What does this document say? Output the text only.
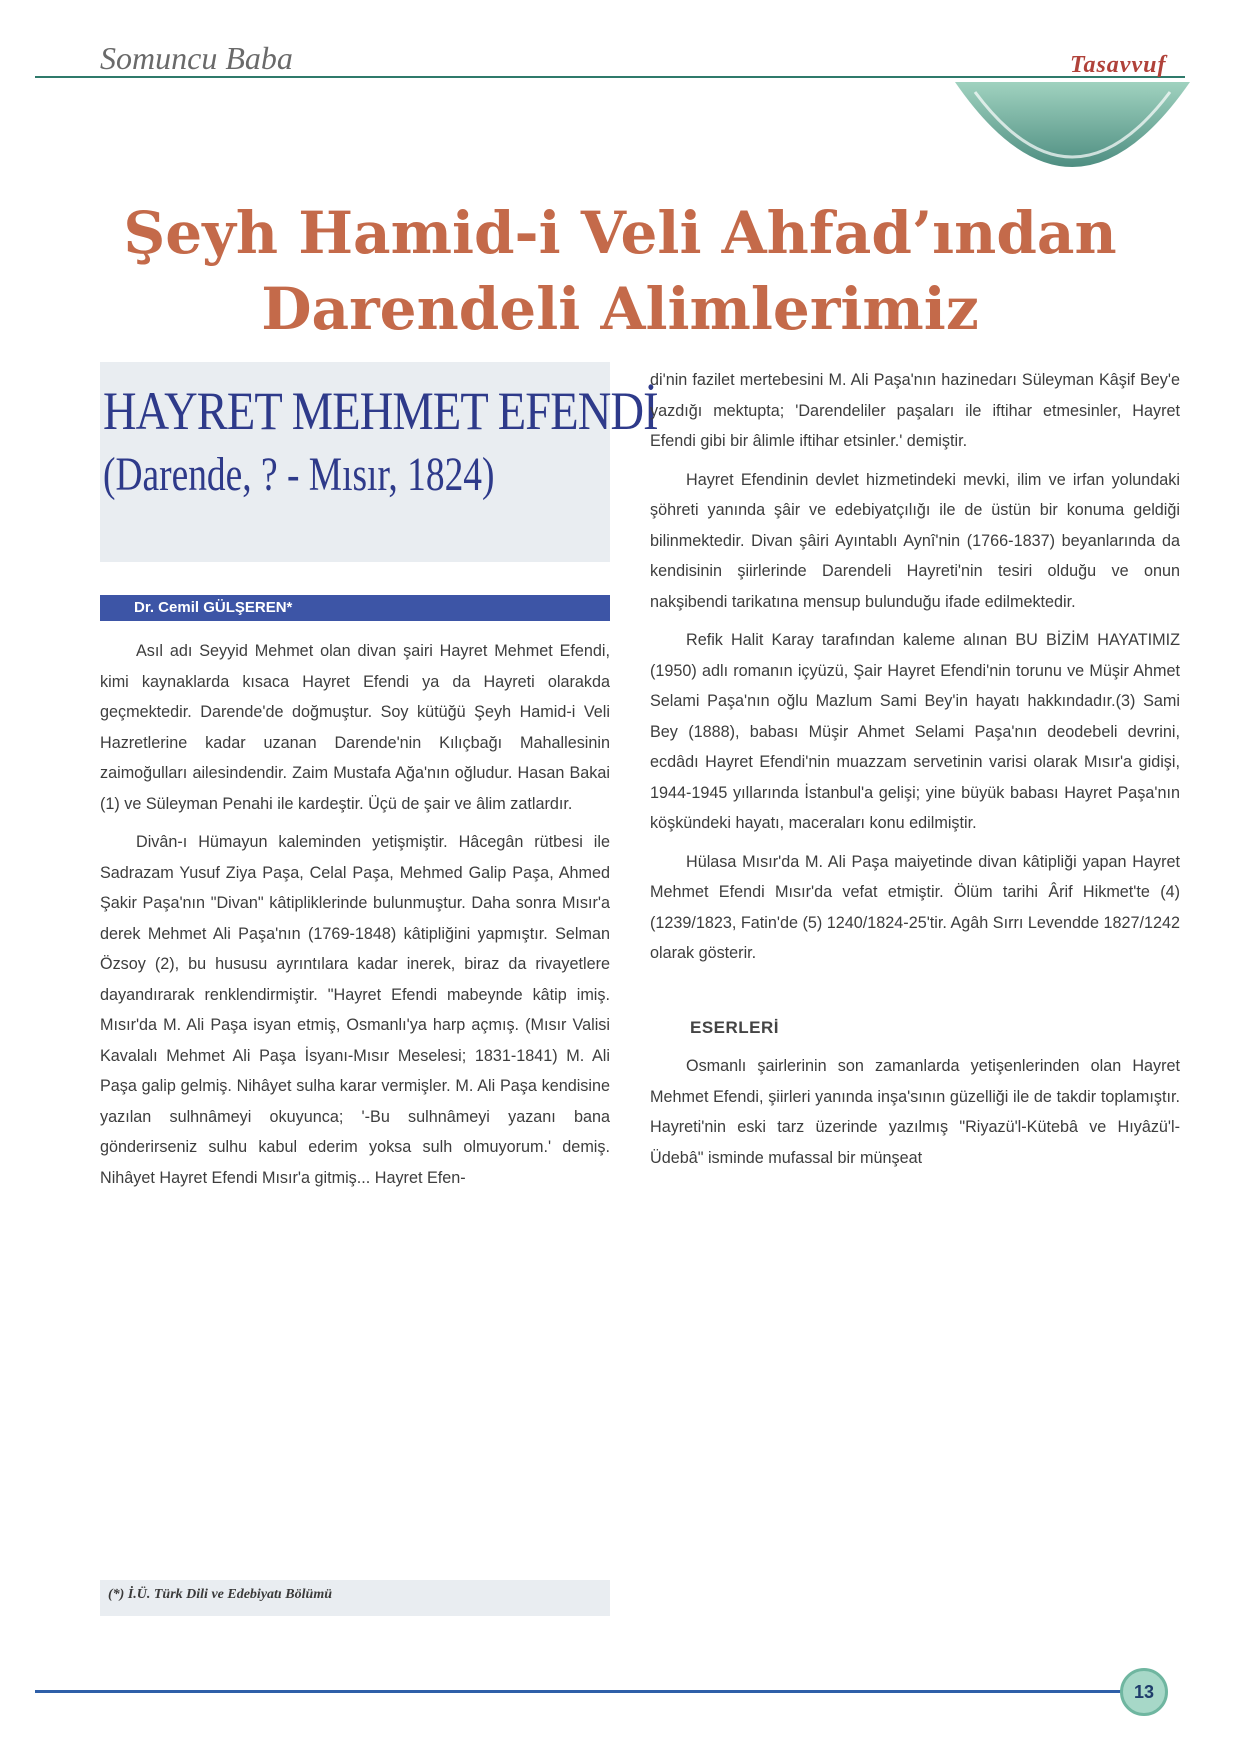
Somuncu Baba	Tasavvuf
Şeyh Hamid-i Veli Ahfad’ından
Darendeli Alimlerimiz
HAYRET MEHMET EFENDİ
(Darende, ? - Mısır, 1824)
Dr. Cemil GÜLŞEREN*

Asıl adı Seyyid Mehmet olan divan şairi Hayret Mehmet Efendi, kimi kaynaklarda kısaca Hayret Efendi ya da Hayreti olarakda geçmektedir. Darende'de doğmuştur. Soy kütüğü Şeyh Hamid-i Veli Hazretlerine kadar uzanan Darende'nin Kılıçbağı Mahallesinin zaimoğulları ailesindendir. Zaim Mustafa Ağa'nın oğludur. Hasan Bakai (1) ve Süleyman Penahi ile kardeştir. Üçü de şair ve âlim zatlardır.

Divân-ı Hümayun kaleminden yetişmiştir. Hâcegân rütbesi ile Sadrazam Yusuf Ziya Paşa, Celal Paşa, Mehmed Galip Paşa, Ahmed Şakir Paşa'nın "Divan" kâtipliklerinde bulunmuştur. Daha sonra Mısır'a derek Mehmet Ali Paşa'nın (1769-1848) kâtipliğini yapmıştır. Selman Özsoy (2), bu hususu ayrıntılara kadar inerek, biraz da rivayetlere dayandırarak renklendirmiştir. "Hayret Efendi mabeynde kâtip imiş. Mısır'da M. Ali Paşa isyan etmiş, Osmanlı'ya harp açmış. (Mısır Valisi Kavalalı Mehmet Ali Paşa İsyanı-Mısır Meselesi; 1831-1841) M. Ali Paşa galip gelmiş. Nihâyet sulha karar vermişler. M. Ali Paşa kendisine yazılan sulhnâmeyi okuyunca; '-Bu sulhnâmeyi yazanı bana gönderirseniz sulhu kabul ederim yoksa sulh olmuyorum.' demiş. Nihâyet Hayret Efendi Mısır'a gitmiş... Hayret Efen-

di'nin fazilet mertebesini M. Ali Paşa'nın hazinedarı Süleyman Kâşif Bey'e yazdığı mektupta; 'Darendeliler paşaları ile iftihar etmesinler, Hayret Efendi gibi bir âlimle iftihar etsinler.' demiştir.

Hayret Efendinin devlet hizmetindeki mevki, ilim ve irfan yolundaki şöhreti yanında şâir ve edebiyatçılığı ile de üstün bir konuma geldiği bilinmektedir. Divan şâiri Ayıntablı Aynî'nin (1766-1837) beyanlarında da kendisinin şiirlerinde Darendeli Hayreti'nin tesiri olduğu ve onun nakşibendi tarikatına mensup bulunduğu ifade edilmektedir.

Refik Halit Karay tarafından kaleme alınan BU BİZİM HAYATIMIZ (1950) adlı romanın içyüzü, Şair Hayret Efendi'nin torunu ve Müşir Ahmet Selami Paşa'nın oğlu Mazlum Sami Bey'in hayatı hakkındadır.(3) Sami Bey (1888), babası Müşir Ahmet Selami Paşa'nın deodebeli devrini, ecdâdı Hayret Efendi'nin muazzam servetinin varisi olarak Mısır'a gidişi, 1944-1945 yıllarında İstanbul'a gelişi; yine büyük babası Hayret Paşa'nın köşkündeki hayatı, maceraları konu edilmiştir.

Hülasa Mısır'da M. Ali Paşa maiyetinde divan kâtipliği yapan Hayret Mehmet Efendi Mısır'da vefat etmiştir. Ölüm tarihi Ârif Hikmet'te (4) (1239/1823, Fatin'de (5) 1240/1824-25'tir. Agâh Sırrı Levendde 1827/1242 olarak gösterir.

ESERLERİ

Osmanlı şairlerinin son zamanlarda yetişenlerinden olan Hayret Mehmet Efendi, şiirleri yanında inşa'sının güzelliği ile de takdir toplamıştır. Hayreti'nin eski tarz üzerinde yazılmış "Riyazü'l-Kütebâ ve Hıyâzü'l-Üdebâ" isminde mufassal bir münşeat

(*) İ.Ü. Türk Dili ve Edebiyatı Bölümü
13
